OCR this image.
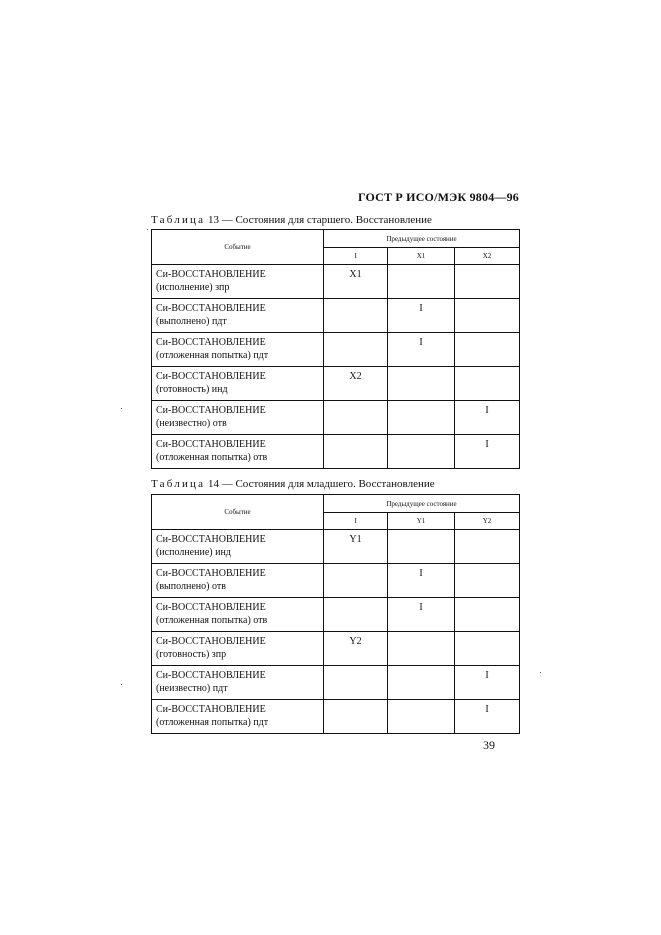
ГОСТ Р ИСО/МЭК 9804—96
Таблица 13 — Состояния для старшего. Восстановление
Событие	Предыдущее состояние		
	I	X1	X2
Си-ВОССТАНОВЛЕНИЕ (исполнение) зпр	X1		
Си-ВОССТАНОВЛЕНИЕ (выполнено) пдт		I	
Си-ВОССТАНОВЛЕНИЕ (отложенная попытка) пдт		I	
Си-ВОССТАНОВЛЕНИЕ (готовность) инд	X2		
Си-ВОССТАНОВЛЕНИЕ (неизвестно) отв			I
Си-ВОССТАНОВЛЕНИЕ (отложенная попытка) отв			I
Таблица 14 — Состояния для младшего. Восстановление
Событие	Предыдущее состояние		
	I	Y1	Y2
Си-ВОССТАНОВЛЕНИЕ (исполнение) инд	Y1		
Си-ВОССТАНОВЛЕНИЕ (выполнено) отв		I	
Си-ВОССТАНОВЛЕНИЕ (отложенная попытка) отв		I	
Си-ВОССТАНОВЛЕНИЕ (готовность) зпр	Y2		
Си-ВОССТАНОВЛЕНИЕ (неизвестно) пдт			I
Си-ВОССТАНОВЛЕНИЕ (отложенная попытка) пдт			I
39
